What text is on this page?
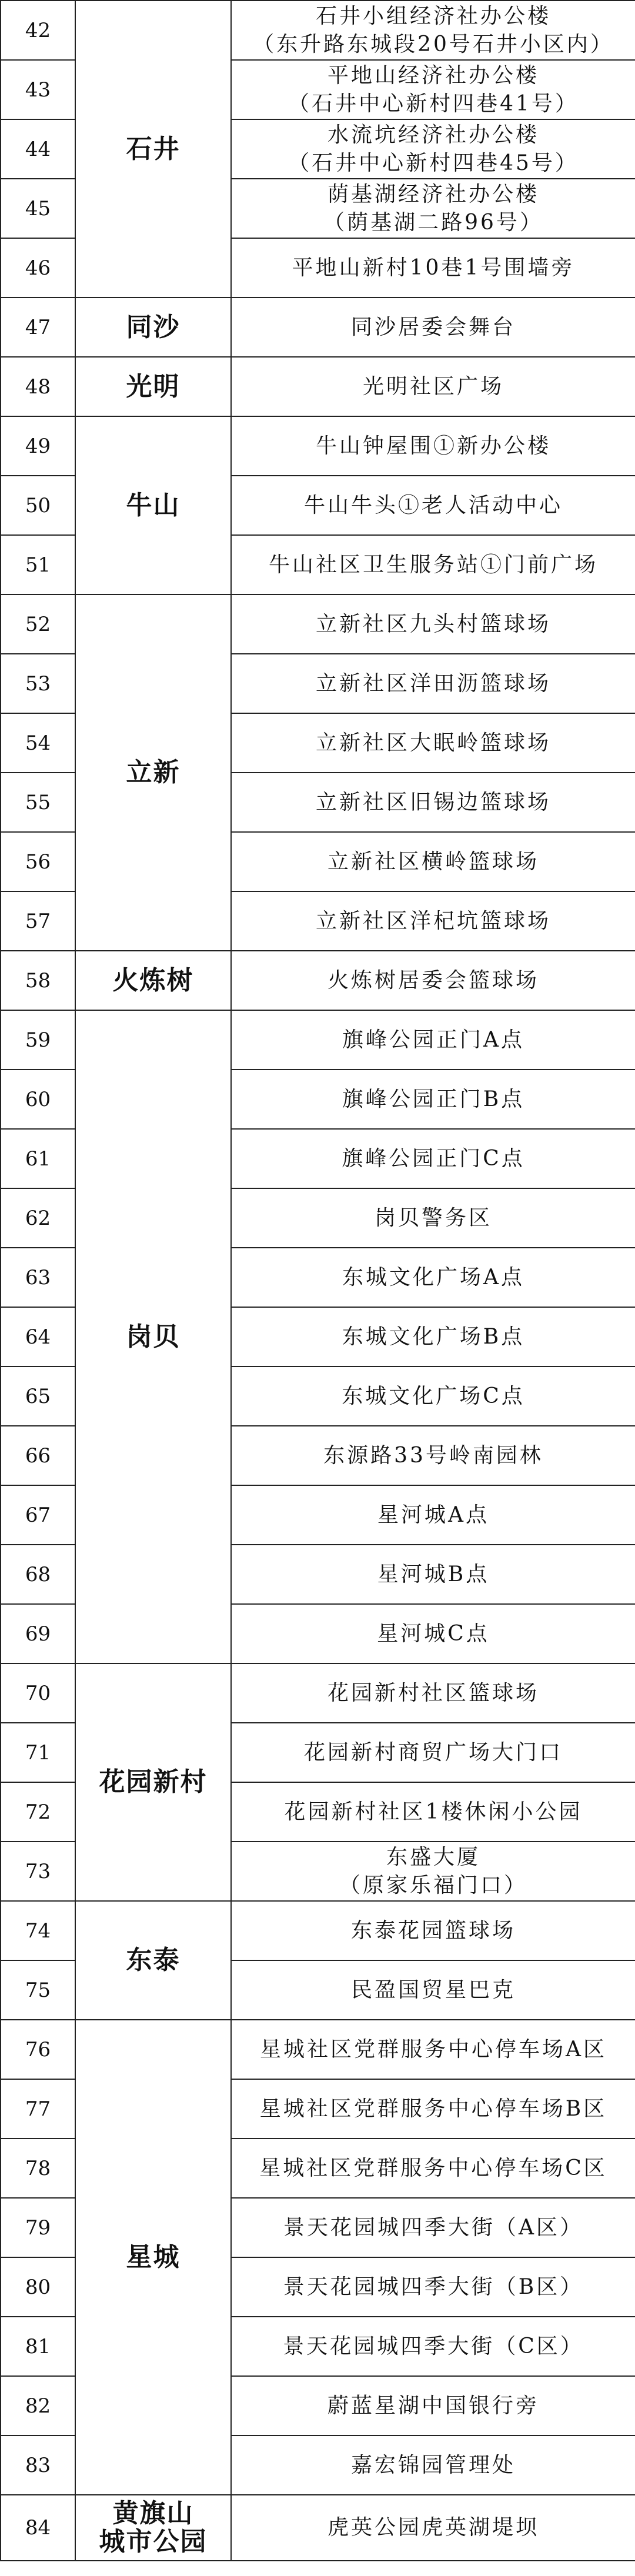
42	石井	石井小组经济社办公楼
（东升路东城段20号石井小区内）

43		平地山经济社办公楼
（石井中心新村四巷41号）

44		水流坑经济社办公楼
（石井中心新村四巷45号）

45		荫基湖经济社办公楼
（荫基湖二路96号）

46		平地山新村10巷1号围墙旁

47	同沙	同沙居委会舞台

48	光明	光明社区广场

49	牛山	牛山钟屋围①新办公楼

50		牛山牛头①老人活动中心

51		牛山社区卫生服务站①门前广场

52	立新	立新社区九头村篮球场

53		立新社区洋田沥篮球场

54		立新社区大眠岭篮球场

55		立新社区旧锡边篮球场

56		立新社区横岭篮球场

57		立新社区洋杞坑篮球场

58	火炼树	火炼树居委会篮球场

59	岗贝	旗峰公园正门A点

60		旗峰公园正门B点

61		旗峰公园正门C点

62		岗贝警务区

63		东城文化广场A点

64		东城文化广场B点

65		东城文化广场C点

66		东源路33号岭南园林

67		星河城A点

68		星河城B点

69		星河城C点

70	花园新村	花园新村社区篮球场

71		花园新村商贸广场大门口

72		花园新村社区1楼休闲小公园

73		东盛大厦
（原家乐福门口）

74	东泰	东泰花园篮球场

75		民盈国贸星巴克

76	星城	星城社区党群服务中心停车场A区

77		星城社区党群服务中心停车场B区

78		星城社区党群服务中心停车场C区

79		景天花园城四季大街（A区）

80		景天花园城四季大街（B区）

81		景天花园城四季大街（C区）

82		蔚蓝星湖中国银行旁

83		嘉宏锦园管理处

84	黄旗山
城市公园	虎英公园虎英湖堤坝
